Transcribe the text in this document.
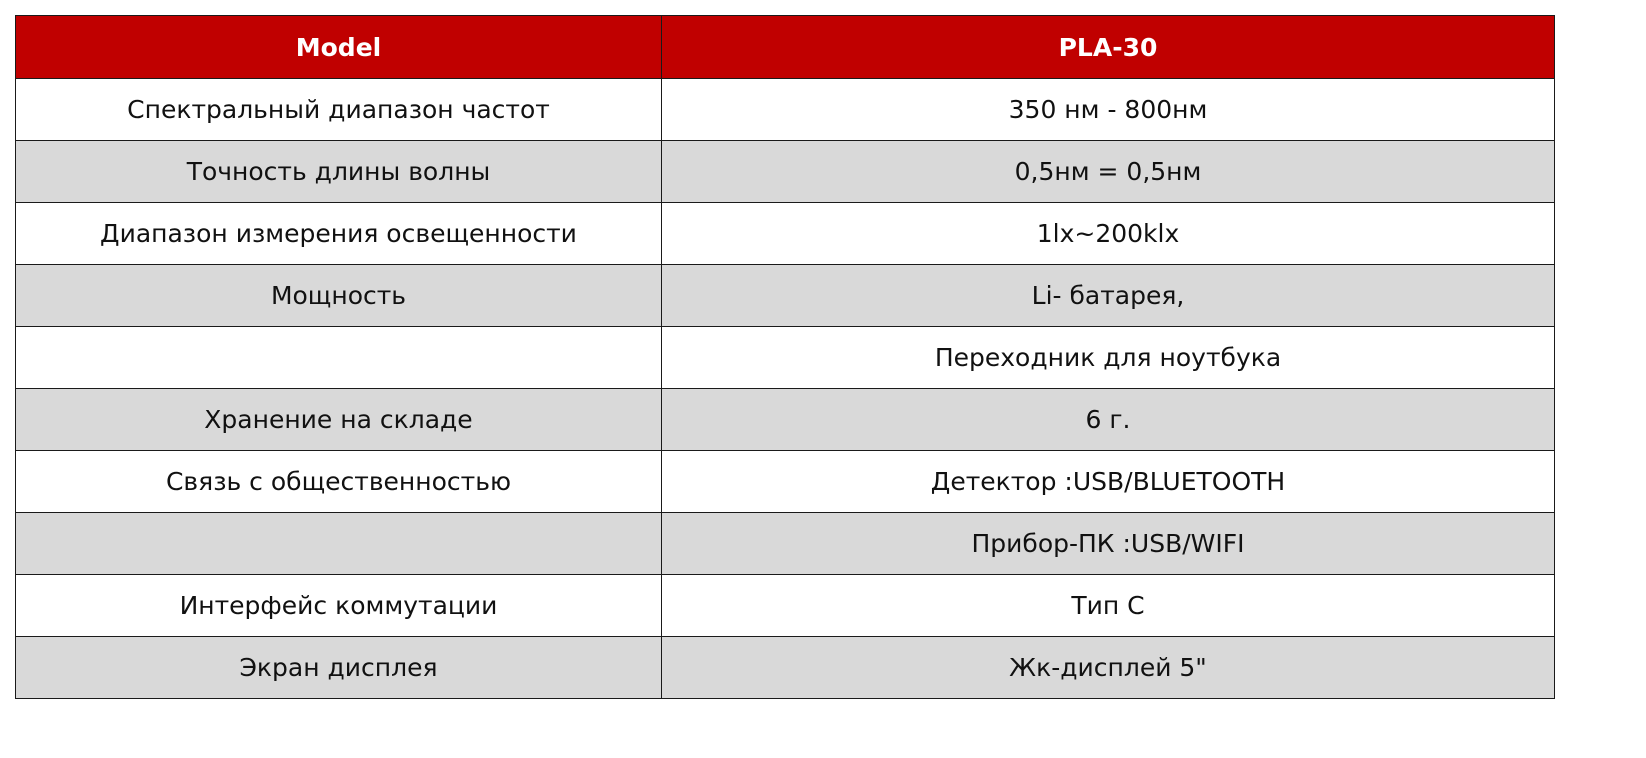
Model	PLA-30
Спектральный диапазон частот	350 нм - 800нм
Точность длины волны	0,5нм = 0,5нм
Диапазон измерения освещенности	1lx~200klx
Мощность	Li- батарея,
	Переходник для ноутбука
Хранение на складе	6 г.
Связь с общественностью	Детектор :USB/BLUETOOTH
	Прибор-ПК :USB/WIFI
Интерфейс коммутации	Тип С
Экран дисплея	Жк-дисплей 5"
